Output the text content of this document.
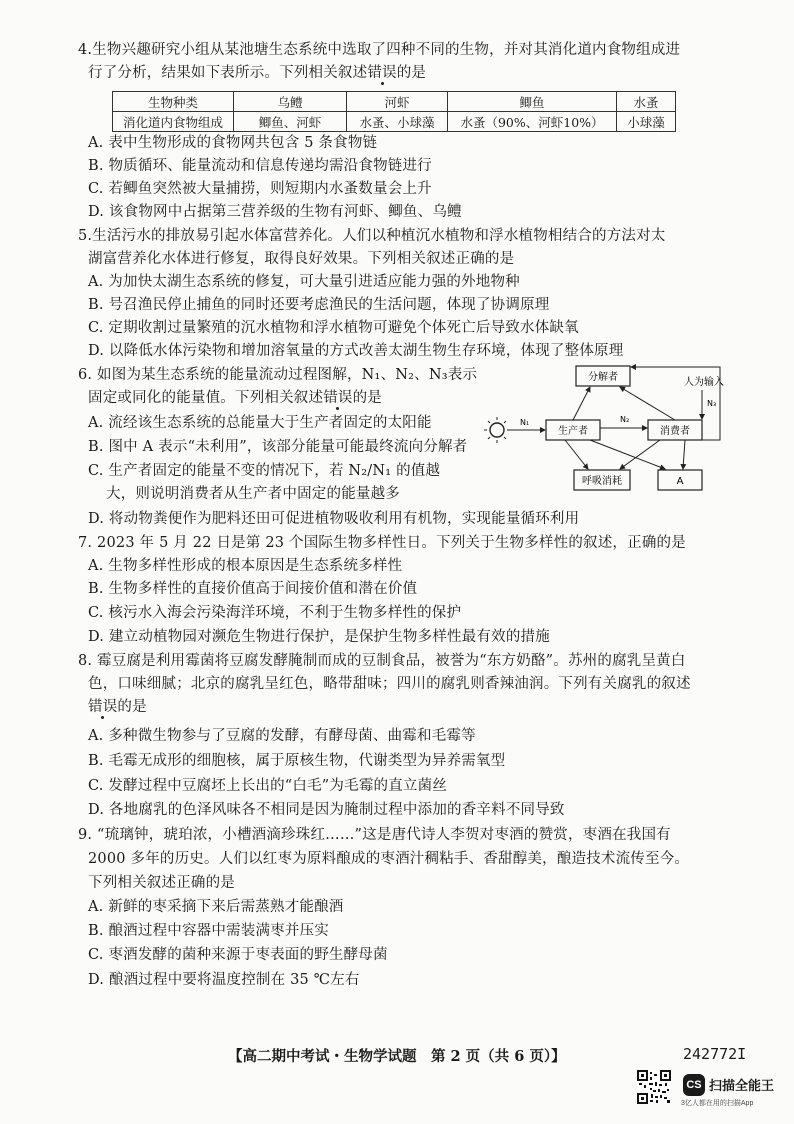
4.生物兴趣研究小组从某池塘生态系统中选取了四种不同的生物，并对其消化道内食物组成进
行了分析，结果如下表所示。下列相关叙述错误的是
生物种类	乌鳢	河虾	鲫鱼	水蚤
消化道内食物组成	鲫鱼、河虾	水蚤、小球藻	水蚤（90%、河虾10%）	小球藻
A. 表中生物形成的食物网共包含 5 条食物链
B. 物质循环、能量流动和信息传递均需沿食物链进行
C. 若鲫鱼突然被大量捕捞，则短期内水蚤数量会上升
D. 该食物网中占据第三营养级的生物有河虾、鲫鱼、乌鳢
5.生活污水的排放易引起水体富营养化。人们以种植沉水植物和浮水植物相结合的方法对太
湖富营养化水体进行修复，取得良好效果。下列相关叙述正确的是
A. 为加快太湖生态系统的修复，可大量引进适应能力强的外地物种
B. 号召渔民停止捕鱼的同时还要考虑渔民的生活问题，体现了协调原理
C. 定期收割过量繁殖的沉水植物和浮水植物可避免个体死亡后导致水体缺氧
D. 以降低水体污染物和增加溶氧量的方式改善太湖生物生存环境，体现了整体原理
6. 如图为某生态系统的能量流动过程图解，N₁、N₂、N₃表示
固定或同化的能量值。下列相关叙述错误的是
A. 流经该生态系统的总能量大于生产者固定的太阳能
B. 图中 A 表示“未利用”，该部分能量可能最终流向分解者
C. 生产者固定的能量不变的情况下，若 N₂/N₁ 的值越
大，则说明消费者从生产者中固定的能量越多
D. 将动物粪便作为肥料还田可促进植物吸收利用有机物，实现能量循环利用
分解者	人为输入
N₃
生产者	消费者
呼吸消耗	A
N₁	N₂
7. 2023 年 5 月 22 日是第 23 个国际生物多样性日。下列关于生物多样性的叙述，正确的是
A. 生物多样性形成的根本原因是生态系统多样性
B. 生物多样性的直接价值高于间接价值和潜在价值
C. 核污水入海会污染海洋环境，不利于生物多样性的保护
D. 建立动植物园对濒危生物进行保护，是保护生物多样性最有效的措施
8. 霉豆腐是利用霉菌将豆腐发酵腌制而成的豆制食品，被誉为“东方奶酪”。苏州的腐乳呈黄白
色，口味细腻；北京的腐乳呈红色，略带甜味；四川的腐乳则香辣油润。下列有关腐乳的叙述
错误的是
A. 多种微生物参与了豆腐的发酵，有酵母菌、曲霉和毛霉等
B. 毛霉无成形的细胞核，属于原核生物，代谢类型为异养需氧型
C. 发酵过程中豆腐坯上长出的“白毛”为毛霉的直立菌丝
D. 各地腐乳的色泽风味各不相同是因为腌制过程中添加的香辛料不同导致
9. “琉璃钟，琥珀浓，小槽酒滴珍珠红……”这是唐代诗人李贺对枣酒的赞赏，枣酒在我国有
2000 多年的历史。人们以红枣为原料酿成的枣酒汁稠粘手、香甜醇美，酿造技术流传至今。
下列相关叙述正确的是
A. 新鲜的枣采摘下来后需蒸熟才能酿酒
B. 酿酒过程中容器中需装满枣并压实
C. 枣酒发酵的菌种来源于枣表面的野生酵母菌
D. 酿酒过程中要将温度控制在 35 ℃左右
【高二期中考试・生物学试题　第 2 页（共 6 页）】	242772I
CS 扫描全能王
3亿人都在用的扫描App
